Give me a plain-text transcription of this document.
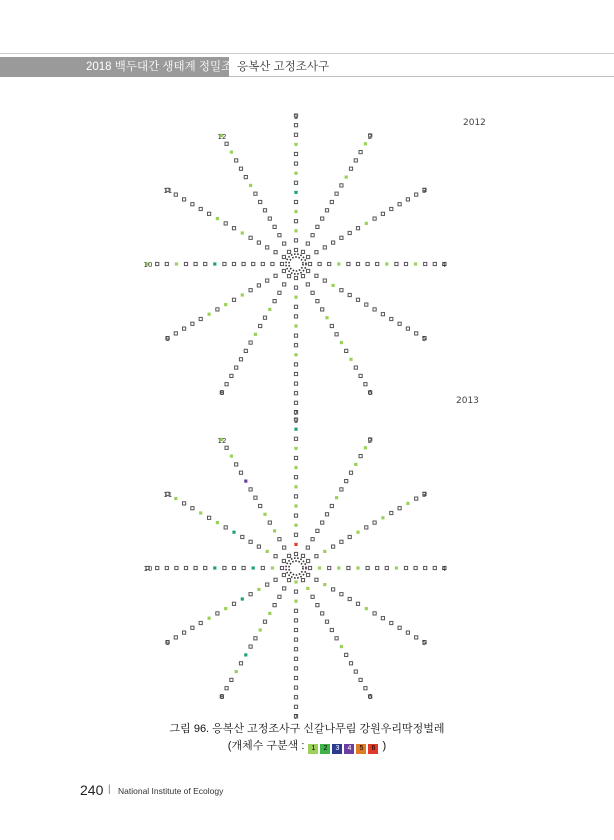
2018 백두대간 생태계 정밀조사
응복산 고정조사구
2012
1
2
3
4
5
6
7
8
9
10
11
12
2013
1
2
3
4
5
6
7
8
9
10
11
12
그림 96. 응복산 고정조사구 신갈나무림 강원우리딱정벌레
(개체수 구분색 : 1 2 3 4 5 6 )
240 | National Institute of Ecology
